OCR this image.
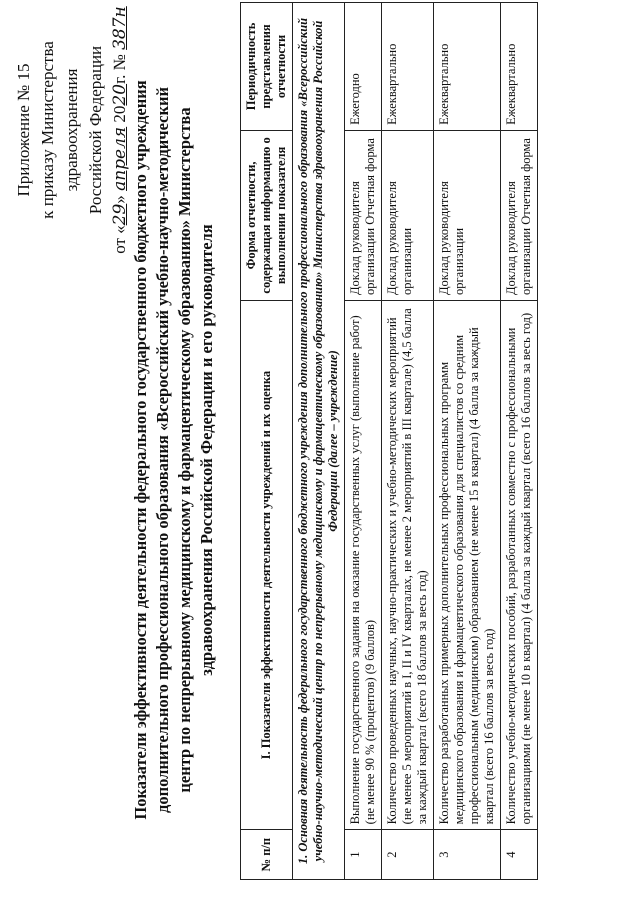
Приложение № 15 к приказу Министерства здравоохранения Российской Федерации
от «29» апреля 2020г. № 387н
Показатели эффективности деятельности федерального государственного бюджетного учреждения дополнительного профессионального образования «Всероссийский учебно-научно-методический центр по непрерывному медицинскому и фармацевтическому образованию» Министерства здравоохранения Российской Федерации и его руководителя
№ п/п	I. Показатели эффективности деятельности учреждений и их оценка	Форма отчетности, содержащая информацию о выполнении показателя	Периодичность представления отчетности
1. Основная деятельность федерального государственного бюджетного учреждения дополнительного профессионального образования «Всероссийский учебно-научно-методический центр по непрерывному медицинскому и фармацевтическому образованию» Министерства здравоохранения Российской Федерации (далее – учреждение)			
1	Выполнение государственного задания на оказание государственных услуг (выполнение работ) (не менее 90 % (процентов) (9 баллов)	Доклад руководителя организации Отчетная форма	Ежегодно
2	Количество проведенных научных, научно-практических и учебно-методических мероприятий (не менее 5 мероприятий в I, II и IV кварталах, не менее 2 мероприятий в III квартале) (4,5 балла за каждый квартал (всего 18 баллов за весь год)	Доклад руководителя организации	Ежеквартально
3	Количество разработанных примерных дополнительных профессиональных программ медицинского образования и фармацевтического образования для специалистов со средним профессиональным (медицинским) образованием (не менее 15 в квартал) (4 балла за каждый квартал (всего 16 баллов за весь год)	Доклад руководителя организации	Ежеквартально
4	Количество учебно-методических пособий, разработанных совместно с профессиональными организациями (не менее 10 в квартал) (4 балла за каждый квартал (всего 16 баллов за весь год)	Доклад руководителя организации Отчетная форма	Ежеквартально
